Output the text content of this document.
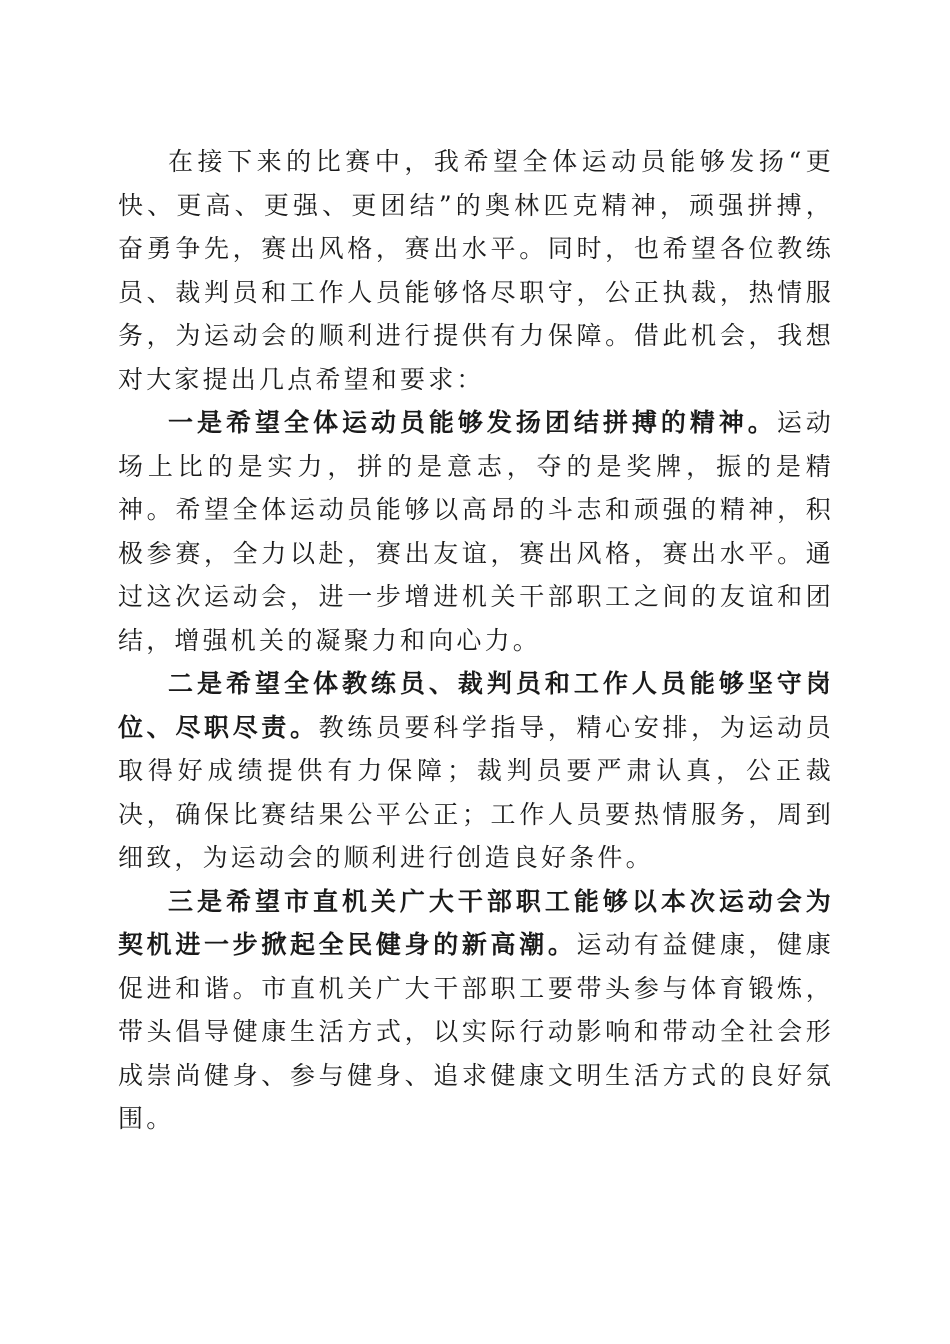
在接下来的比赛中，我希望全体运动员能够发扬“更快、更高、更强、更团结”的奥林匹克精神，顽强拼搏，奋勇争先，赛出风格，赛出水平。同时，也希望各位教练员、裁判员和工作人员能够恪尽职守，公正执裁，热情服务，为运动会的顺利进行提供有力保障。借此机会，我想对大家提出几点希望和要求：

一是希望全体运动员能够发扬团结拼搏的精神。运动场上比的是实力，拼的是意志，夺的是奖牌，振的是精神。希望全体运动员能够以高昂的斗志和顽强的精神，积极参赛，全力以赴，赛出友谊，赛出风格，赛出水平。通过这次运动会，进一步增进机关干部职工之间的友谊和团结，增强机关的凝聚力和向心力。

二是希望全体教练员、裁判员和工作人员能够坚守岗位、尽职尽责。教练员要科学指导，精心安排，为运动员取得好成绩提供有力保障；裁判员要严肃认真，公正裁决，确保比赛结果公平公正；工作人员要热情服务，周到细致，为运动会的顺利进行创造良好条件。

三是希望市直机关广大干部职工能够以本次运动会为契机进一步掀起全民健身的新高潮。运动有益健康，健康促进和谐。市直机关广大干部职工要带头参与体育锻炼，带头倡导健康生活方式，以实际行动影响和带动全社会形成崇尚健身、参与健身、追求健康文明生活方式的良好氛围。
